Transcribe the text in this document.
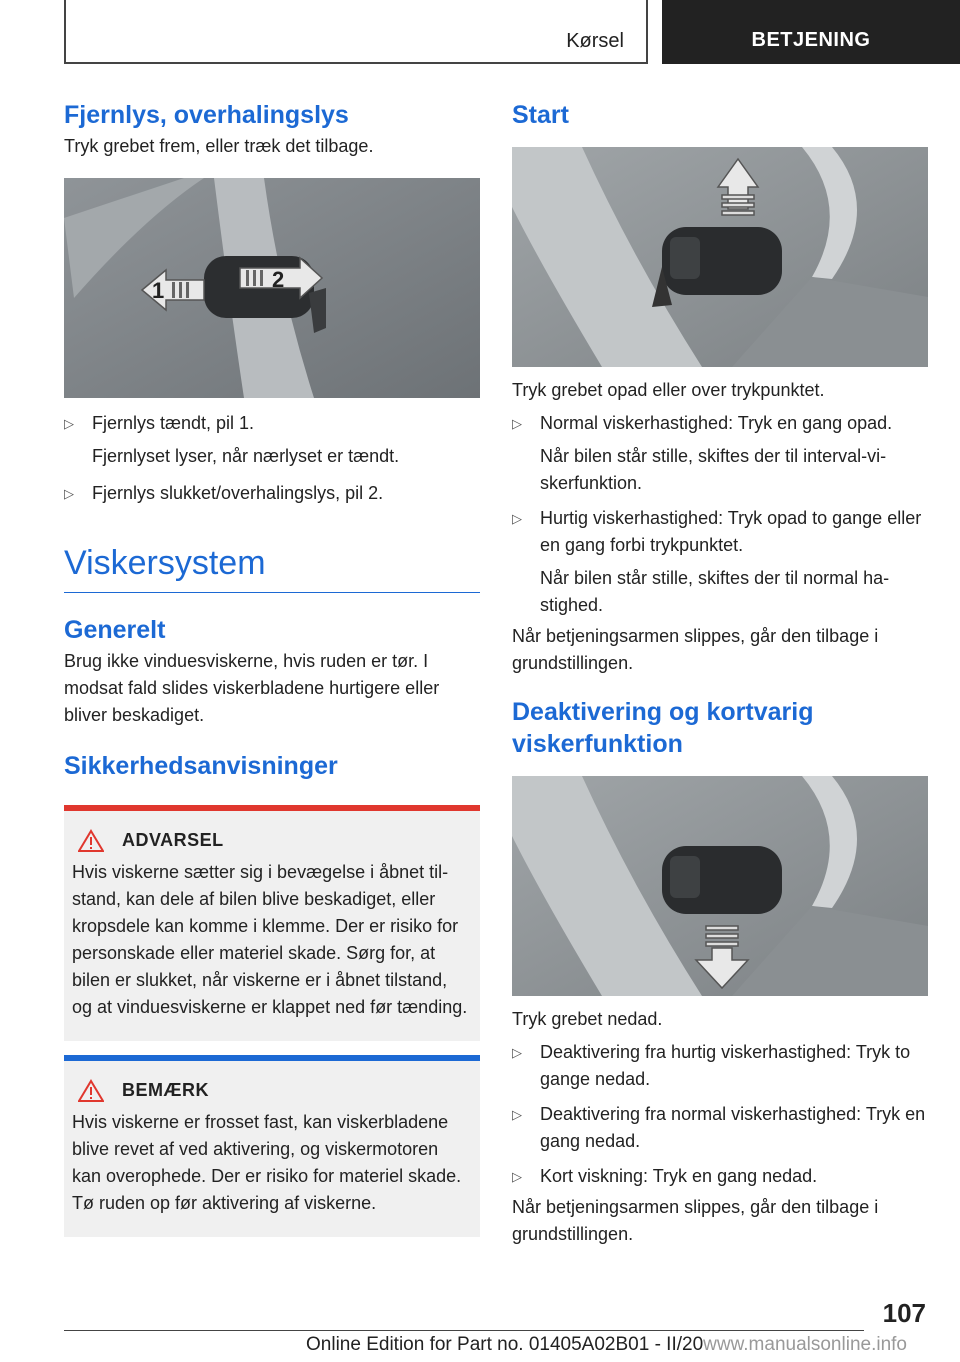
Kørsel	BETJENING
Fjernlys, overhalingslys

Tryk grebet frem, eller træk det tilbage.

1	2
▷ Fjernlys tændt, pil 1.
Fjernlyset lyser, når nærlyset er tændt.
▷ Fjernlys slukket/overhalingslys, pil 2.
Viskersystem
Generelt

Brug ikke vinduesviskerne, hvis ruden er tør. I modsat fald slides viskerbladene hurtigere eller bliver beskadiget.

Sikkerhedsanvisninger
ADVARSEL

Hvis viskerne sætter sig i bevægelse i åbnet tilstand, kan dele af bilen blive beskadiget, eller kropsdele kan komme i klemme. Der er risiko for personskade eller materiel skade. Sørg for, at bilen er slukket, når viskerne er i åbnet tilstand, og at vinduesviskerne er klappet ned før tænding.

BEMÆRK

Hvis viskerne er frosset fast, kan viskerbladene blive revet af ved aktivering, og viskermotoren kan overophede. Der er risiko for materiel skade. Tø ruden op før aktivering af viskerne.

Start

Tryk grebet opad eller over trykpunktet.

▷ Normal viskerhastighed: Tryk en gang opad.
Når bilen står stille, skiftes der til interval-viskerfunktion.
▷ Hurtig viskerhastighed: Tryk opad to gange eller en gang forbi trykpunktet.
Når bilen står stille, skiftes der til normal hastighed.

Når betjeningsarmen slippes, går den tilbage i grundstillingen.

Deaktivering og kortvarig viskerfunktion

Tryk grebet nedad.

▷ Deaktivering fra hurtig viskerhastighed: Tryk to gange nedad.
▷ Deaktivering fra normal viskerhastighed: Tryk en gang nedad.
▷ Kort viskning: Tryk en gang nedad.

Når betjeningsarmen slippes, går den tilbage i grundstillingen.

107
Online Edition for Part no. 01405A02B01 - II/20www.manualsonline.info
